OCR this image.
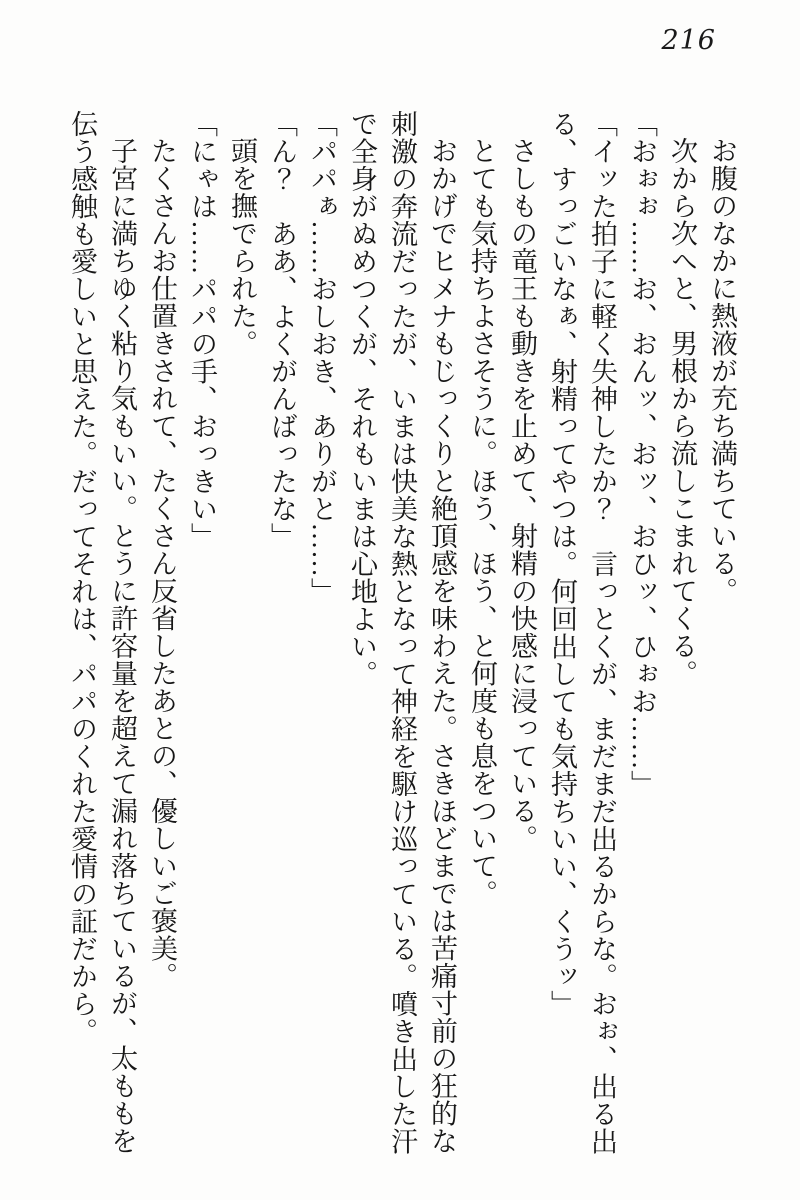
216

お腹のなかに熱液が充ち満ちている。

次から次へと、男根から流しこまれてくる。

「おぉぉ……お、おんッ、おッ、おひッ、ひぉお……」

「イッた拍子に軽く失神したか？　言っとくが、まだまだ出るからな。おぉ、出る出る、すっごいなぁ、射精ってやつは。何回出しても気持ちいい、くうッ」

さしもの竜王も動きを止めて、射精の快感に浸っている。

とても気持ちよさそうに。ほう、ほう、と何度も息をついて。

おかげでヒメナもじっくりと絶頂感を味わえた。さきほどまでは苦痛寸前の狂的な刺激の奔流だったが、いまは快美な熱となって神経を駆け巡っている。噴き出した汗で全身がぬめつくが、それもいまは心地よい。

「パパぁ……おしおき、ありがと……」

「ん？　ああ、よくがんばったな」

頭を撫でられた。

「にゃは……パパの手、おっきい」

たくさんお仕置きされて、たくさん反省したあとの、優しいご褒美。

子宮に満ちゆく粘り気もいい。とうに許容量を超えて漏れ落ちているが、太ももを伝う感触も愛しいと思えた。だってそれは、パパのくれた愛情の証だから。
